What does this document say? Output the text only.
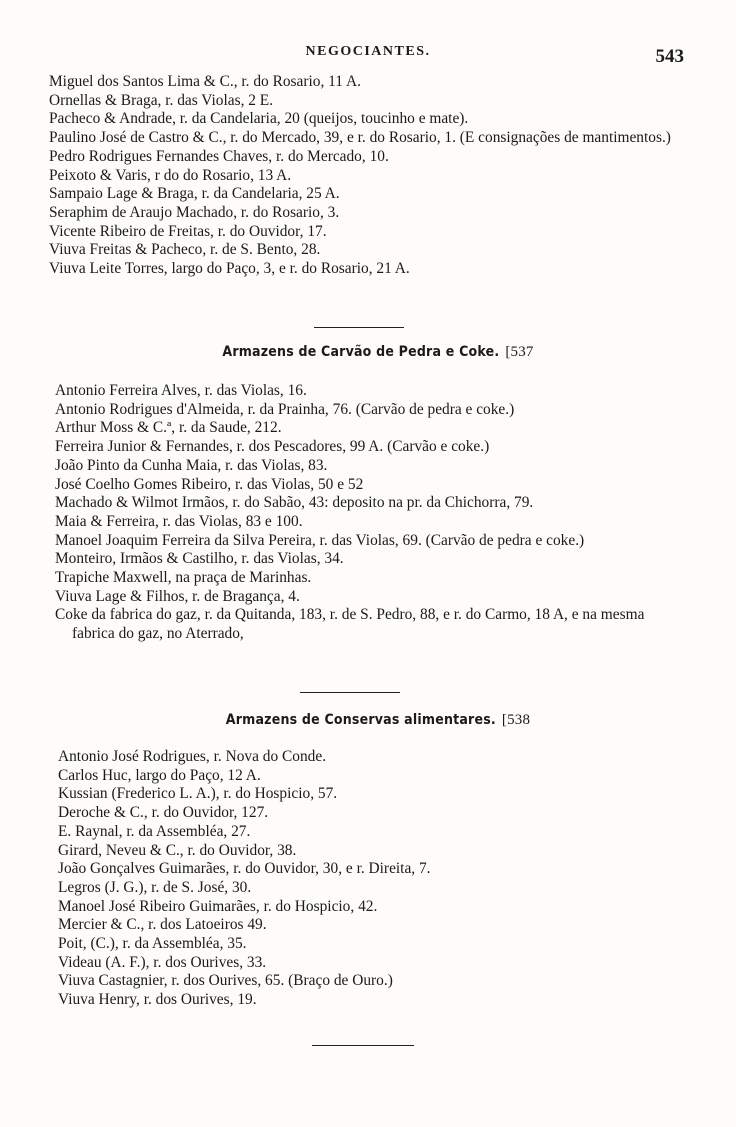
NEGOCIANTES.	543
Miguel dos Santos Lima & C., r. do Rosario, 11 A.
Ornellas & Braga, r. das Violas, 2 E.
Pacheco & Andrade, r. da Candelaria, 20 (queijos, toucinho e mate).
Paulino José de Castro & C., r. do Mercado, 39, e r. do Rosario, 1. (E consignações de mantimentos.)
Pedro Rodrigues Fernandes Chaves, r. do Mercado, 10.
Peixoto & Varis, r do do Rosario, 13 A.
Sampaio Lage & Braga, r. da Candelaria, 25 A.
Seraphim de Araujo Machado, r. do Rosario, 3.
Vicente Ribeiro de Freitas, r. do Ouvidor, 17.
Viuva Freitas & Pacheco, r. de S. Bento, 28.
Viuva Leite Torres, largo do Paço, 3, e r. do Rosario, 21 A.
Armazens de Carvão de Pedra e Coke. [537
Antonio Ferreira Alves, r. das Violas, 16.
Antonio Rodrigues d'Almeida, r. da Prainha, 76. (Carvão de pedra e coke.)
Arthur Moss & C.ª, r. da Saude, 212.
Ferreira Junior & Fernandes, r. dos Pescadores, 99 A. (Carvão e coke.)
João Pinto da Cunha Maia, r. das Violas, 83.
José Coelho Gomes Ribeiro, r. das Violas, 50 e 52
Machado & Wilmot Irmãos, r. do Sabão, 43: deposito na pr. da Chichorra, 79.
Maia & Ferreira, r. das Violas, 83 e 100.
Manoel Joaquim Ferreira da Silva Pereira, r. das Violas, 69. (Carvão de pedra e coke.)
Monteiro, Irmãos & Castilho, r. das Violas, 34.
Trapiche Maxwell, na praça de Marinhas.
Viuva Lage & Filhos, r. de Bragança, 4.
Coke da fabrica do gaz, r. da Quitanda, 183, r. de S. Pedro, 88, e r. do Carmo, 18 A, e na mesma fabrica do gaz, no Aterrado,
Armazens de Conservas alimentares. [538
Antonio José Rodrigues, r. Nova do Conde.
Carlos Huc, largo do Paço, 12 A.
Kussian (Frederico L. A.), r. do Hospicio, 57.
Deroche & C., r. do Ouvidor, 127.
E. Raynal, r. da Assembléa, 27.
Girard, Neveu & C., r. do Ouvidor, 38.
João Gonçalves Guimarães, r. do Ouvidor, 30, e r. Direita, 7.
Legros (J. G.), r. de S. José, 30.
Manoel José Ribeiro Guimarães, r. do Hospicio, 42.
Mercier & C., r. dos Latoeiros 49.
Poit, (C.), r. da Assembléa, 35.
Videau (A. F.), r. dos Ourives, 33.
Viuva Castagnier, r. dos Ourives, 65. (Braço de Ouro.)
Viuva Henry, r. dos Ourives, 19.
